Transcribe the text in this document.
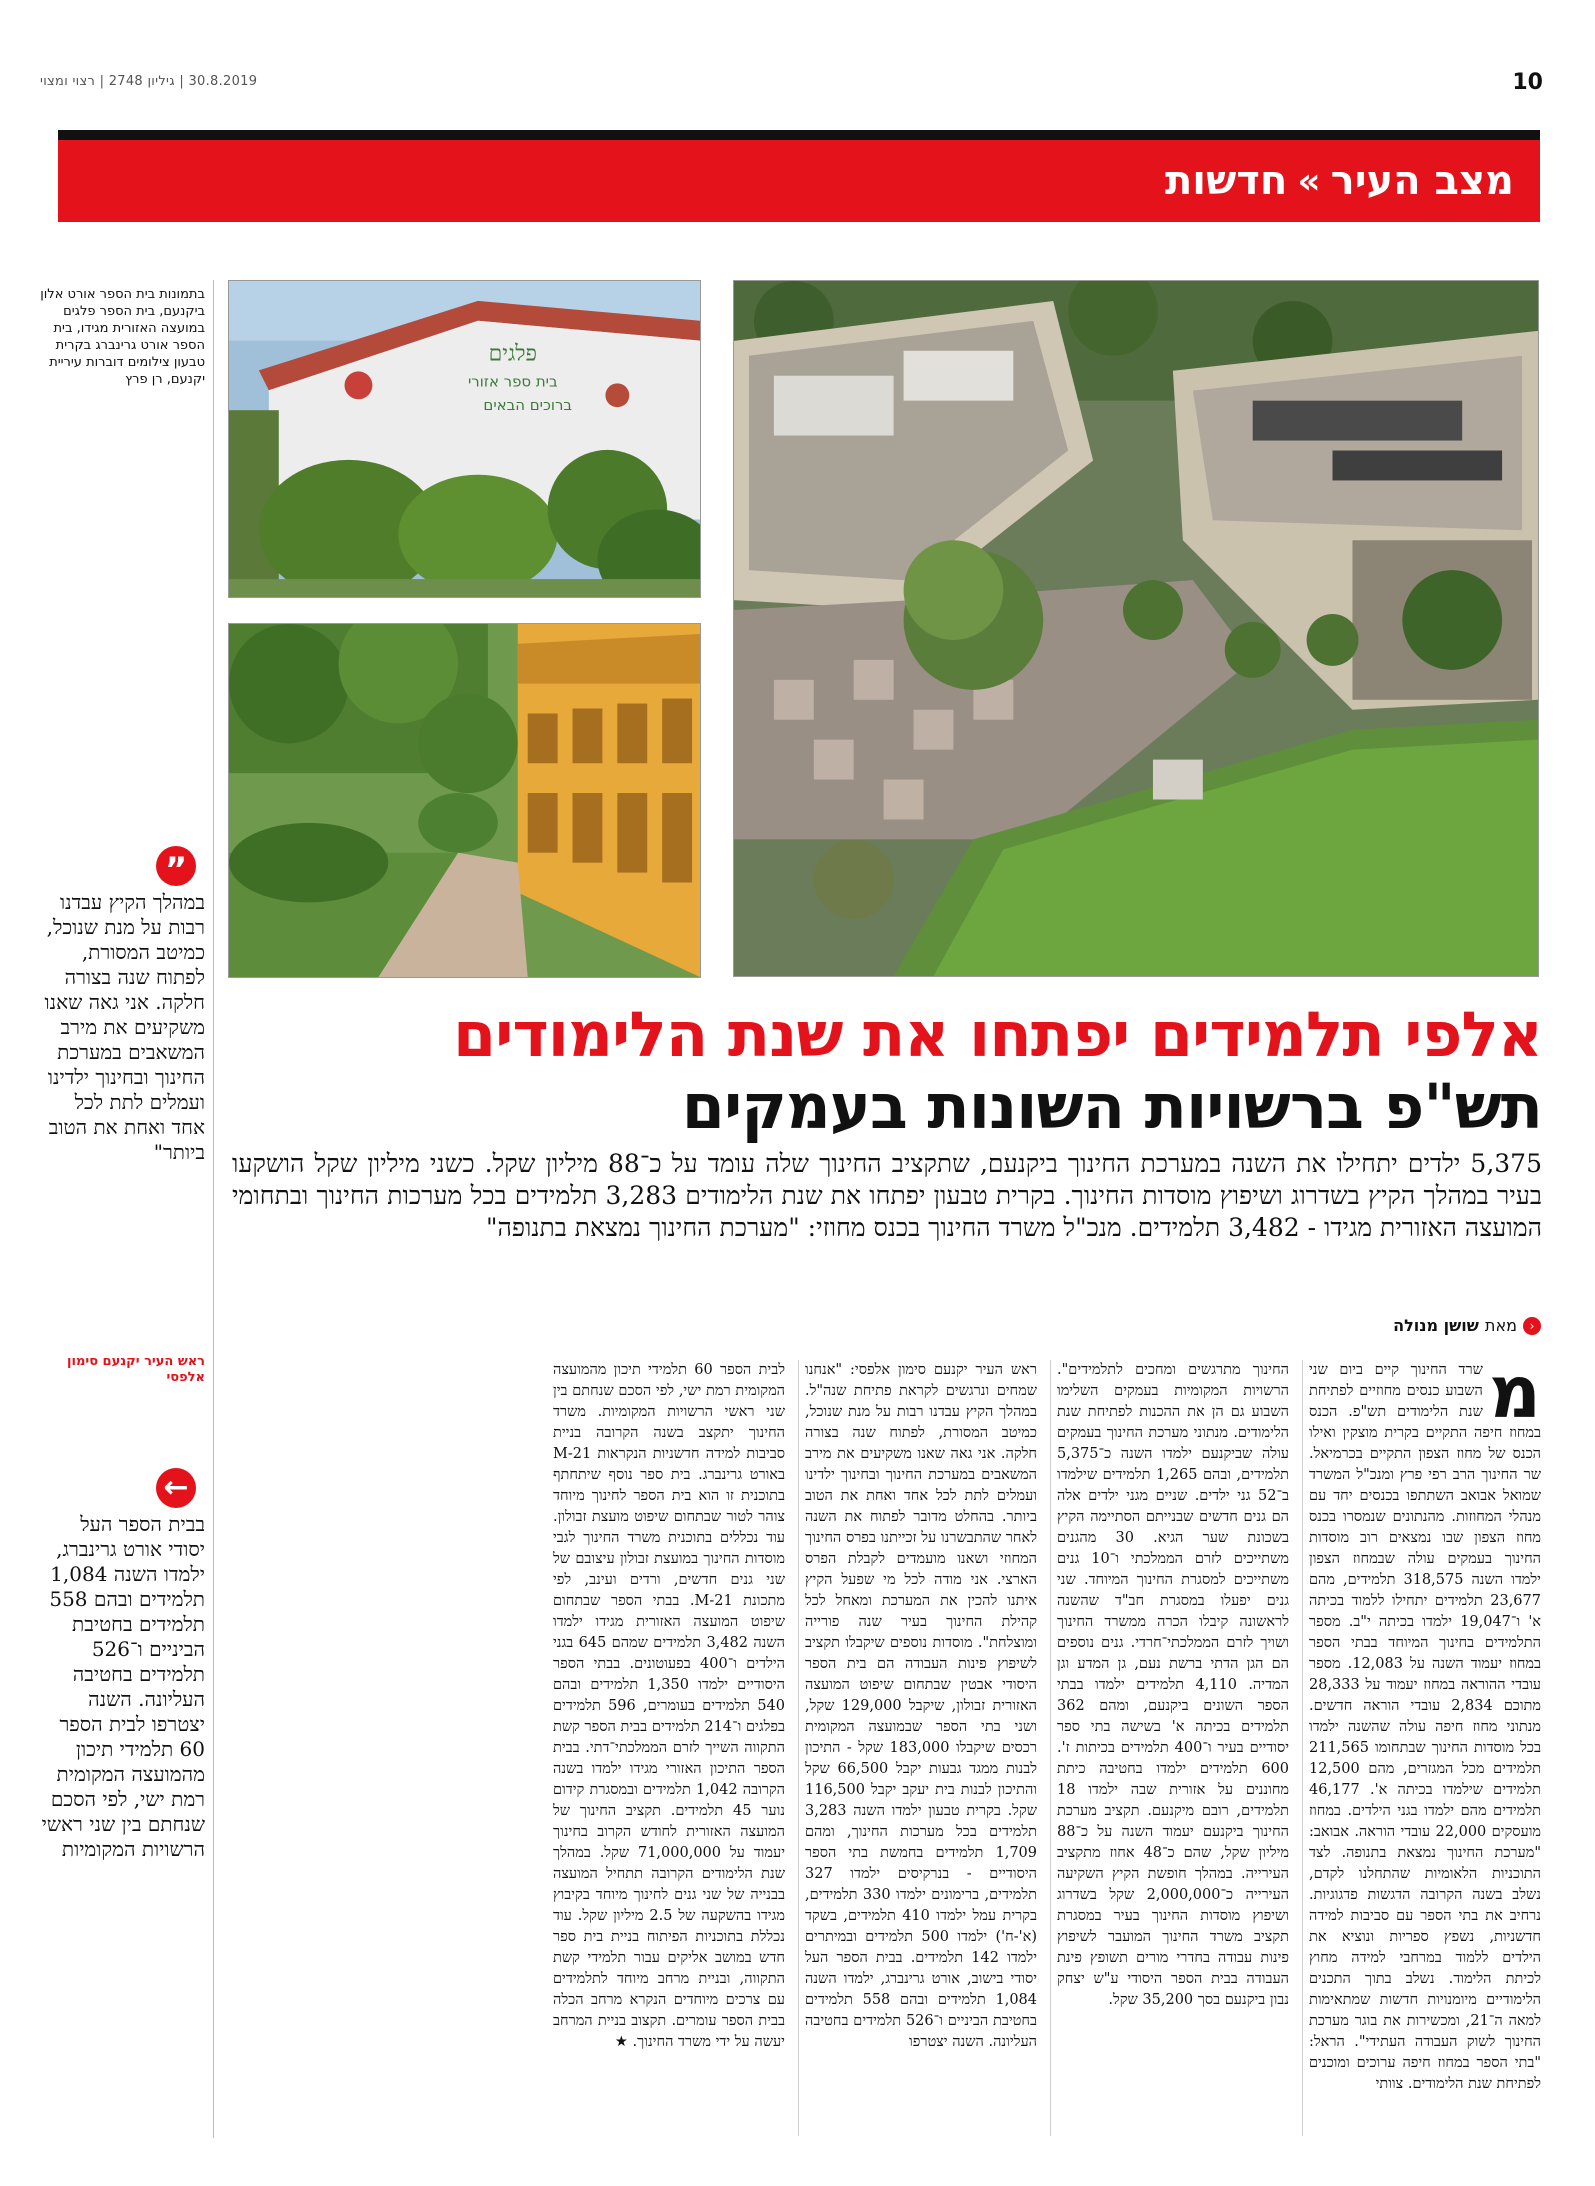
30.8.2019 | גיליון 2748 | רצוי ומצוי	10
מצב העיר
»
חדשות
פלגים
בית ספר אזורי
ברוכים הבאים
בתמונות בית הספר אורט אלון ביקנעם, בית הספר פלגים במועצה האזורית מגידו, בית הספר אורט גרינברג בקרית טבעון צילומים דוברות עיריית יקנעם, רן פרץ
”
במהלך הקיץ עבדנו רבות על מנת שנוכל, כמיטב המסורת, לפתוח שנה בצורה חלקה. אני גאה שאנו משקיעים את מירב המשאבים במערכת החינוך ובחינוך ילדינו ועמלים לתת לכל אחד ואחת את הטוב ביותר"
ראש העיר יקנעם סימון אלפסי
←
בבית הספר העל יסודי אורט גרינברג, ילמדו השנה 1,084 תלמידים ובהם 558 תלמידים בחטיבת הביניים ו־526 תלמידים בחטיבה העליונה. השנה יצטרפו לבית הספר 60 תלמידי תיכון מהמועצה המקומית רמת ישי, לפי הסכם שנחתם בין שני ראשי הרשויות המקומיות
אלפי תלמידים יפתחו את שנת הלימודים
תש"פ ברשויות השונות בעמקים
5,375 ילדים יתחילו את השנה במערכת החינוך ביקנעם, שתקציב החינוך שלה עומד על כ־88 מיליון שקל. כשני מיליון שקל הושקעו בעיר במהלך הקיץ בשדרוג ושיפוץ מוסדות החינוך. בקרית טבעון יפתחו את שנת הלימודים 3,283 תלמידים בכל מערכות החינוך ובתחומי המועצה האזורית מגידו - 3,482 תלמידים. מנכ"ל משרד החינוך בכנס מחוזי: "מערכת החינוך נמצאת בתנופה"
‹
מאת
שושן מנולה
מ
שרד החינוך קיים ביום שני השבוע כנסים מחוזיים לפתיחת שנת הלימודים תש"פ. הכנס במחוז חיפה התקיים בקרית מוצקין ואילו הכנס של מחוז הצפון התקיים בכרמיאל. שר החינוך הרב רפי פרץ ומנכ"ל המשרד שמואל אבואב השתתפו בכנסים יחד עם מנהלי המחוזות. מהנתונים שנמסרו בכנס מחוז הצפון שבו נמצאים רוב מוסדות החינוך בעמקים עולה שבמחוז הצפון ילמדו השנה 318,575 תלמידים, מהם 23,677 תלמידים יתחילו ללמוד בכיתה א' ו־19,047 ילמדו בכיתה י"ב. מספר התלמידים בחינוך המיוחד בבתי הספר במחוז יעמוד השנה על 12,083. מספר עובדי ההוראה במחוז יעמוד על 28,333 מתוכם 2,834 עובדי הוראה חדשים. מנתוני מחוז חיפה עולה שהשנה ילמדו בכל מוסדות החינוך שבתחומו 211,565 תלמידים מכל המגזרים, מהם 12,500 תלמידים שילמדו בכיתה א'. 46,177 תלמידים מהם ילמדו בגני הילדים. במחוז מועסקים 22,000 עובדי הוראה. אבואב: "מערכת החינוך נמצאת בתנופה. לצד התוכניות הלאומיות שהתחלנו לקדם, נשלב בשנה הקרובה הדגשות פדגוגיות. נרחיב את בתי הספר עם סביבות למידה חדשניות, נשפץ ספריות ונוציא את הילדים ללמוד במרחבי למידה מחוץ לכיתת הלימוד. נשלב בתוך התכנים הלימודיים מיומנויות חדשות שמתאימות למאה ה־21, ומכשירות את בוגר מערכת החינוך לשוק העבודה העתידי". הראל: "בתי הספר במחוז חיפה ערוכים ומוכנים לפתיחת שנת הלימודים. צוותי
החינוך מתרגשים ומחכים לתלמידים". הרשויות המקומיות בעמקים השלימו השבוע גם הן את ההכנות לפתיחת שנת הלימודים. מנתוני מערכת החינוך בעמקים עולה שביקנעם ילמדו השנה כ־5,375 תלמידים, ובהם 1,265 תלמידים שילמדו ב־52 גני ילדים. שניים מגני ילדים אלה הם גנים חדשים שבנייתם הסתיימה הקיץ בשכונת שער הגיא. 30 מהגנים משתייכים לזרם הממלכתי ו־10 גנים משתייכים למסגרת החינוך המיוחד. שני גנים יפעלו במסגרת חב"ד שהשנה לראשונה קיבלו הכרה ממשרד החינוך ושויך לזרם הממלכתי־חרדי. גנים נוספים הם הגן הדתי ברשת נעם, גן המדע וגן המדיה. 4,110 תלמידים ילמדו בבתי הספר השונים ביקנעם, ומהם 362 תלמידים בכיתה א' בשישה בתי ספר יסודיים בעיר ו־400 תלמידים בכיתות ז'. 600 תלמידים ילמדו בחטיבה כיתת מחוננים על אזורית שבה ילמדו 18 תלמידים, רובם מיקנעם. תקציב מערכת החינוך ביקנעם יעמוד השנה על כ־88 מיליון שקל, שהם כ־48 אחוז מתקציב העירייה. במהלך חופשת הקיץ השקיעה העירייה כ־2,000,000 שקל בשדרוג ושיפוץ מוסדות החינוך בעיר במסגרת תקציב משרד החינוך המועבר לשיפוץ פינות עבודה בחדרי מורים תשופץ פינת העבודה בבית הספר היסודי ע"ש יצחק נבון ביקנעם בסך 35,200 שקל.
ראש העיר יקנעם סימון אלפסי: "אנחנו שמחים ונרגשים לקראת פתיחת שנה"ל. במהלך הקיץ עבדנו רבות על מנת שנוכל, כמיטב המסורת, לפתוח שנה בצורה חלקה. אני גאה שאנו משקיעים את מירב המשאבים במערכת החינוך ובחינוך ילדינו ועמלים לתת לכל אחד ואחת את הטוב ביותר. בהחלט מדובר לפתוח את השנה לאחר שהתבשרנו על זכייתנו בפרס החינוך המחוזי ושאנו מועמדים לקבלת הפרס הארצי. אני מודה לכל מי שפעל הקיץ איתנו להכין את המערכת ומאחל לכל קהילת החינוך בעיר שנה פורייה ומוצלחת". מוסדות נוספים שיקבלו תקציב לשיפוץ פינות העבודה הם בית הספר היסודי אבטין שבתחום שיפוט המועצה האזורית זבולון, שיקבל 129,000 שקל, ושני בתי הספר שבמועצה המקומית רכסים שיקבלו 183,000 שקל - התיכון לבנות ממגד גבעות יקבל 66,500 שקל והתיכון לבנות בית יעקב יקבל 116,500 שקל. בקרית טבעון ילמדו השנה 3,283 תלמידים בכל מערכות החינוך, ומהם 1,709 תלמידים בחמשת בתי הספר היסודיים - בנרקיסים ילמדו 327 תלמידים, ברימונים ילמדו 330 תלמידים, בקרית עמל ילמדו 410 תלמידים, בשקד (א'-ח') ילמדו 500 תלמידים ובמיתרים ילמדו 142 תלמידים. בבית הספר העל יסודי בישוב, אורט גרינברג, ילמדו השנה 1,084 תלמידים ובהם 558 תלמידים בחטיבת הביניים ו־526 תלמידים בחטיבה העליונה. השנה יצטרפו
לבית הספר 60 תלמידי תיכון מהמועצה המקומית רמת ישי, לפי הסכם שנחתם בין שני ראשי הרשויות המקומיות. משרד החינוך יתקצב בשנה הקרובה בניית סביבות למידה חדשניות הנקראות M-21 באורט גרינברג. בית ספר נוסף שיתחתף בתוכנית זו הוא בית הספר לחינוך מיוחד צוהר לטור שבתחום שיפוט מועצת זבולון. עוד נכללים בתוכנית משרד החינוך לגבי מוסדות החינוך במועצת זבולון עיצובם של שני גנים חדשים, ורדים ועינב, לפי מתכונת M-21. בבתי הספר שבתחום שיפוט המועצה האזורית מגידו ילמדו השנה 3,482 תלמידים שמהם 645 בגני הילדים ו־400 בפעוטונים. בבתי הספר היסודיים ילמדו 1,350 תלמידים ובהם 540 תלמידים בעומרים, 596 תלמידים בפלגים ו־214 תלמידים בבית הספר קשת התקווה השייך לזרם הממלכתי־דתי. בבית הספר התיכון האזורי מגידו ילמדו בשנה הקרובה 1,042 תלמידים ובמסגרת קידום נוער 45 תלמידים. תקציב החינוך של המועצה האזורית לחודש הקרוב בחינוך יעמוד על 71,000,000 שקל. במהלך שנת הלימודים הקרובה תתחיל המועצה בבנייה של שני גנים לחינוך מיוחד בקיבוץ מגידו בהשקעה של 2.5 מיליון שקל. עוד נכללת בתוכניות הפיתוח בניית בית ספר חדש במושב אליקים עבור תלמידי קשת התקווה, ובניית מרחב מיוחד לתלמידים עם צרכים מיוחדים הנקרא מרחב הכלה בבית הספר עומרים. תקצוב בניית המרחב יעשה על ידי משרד החינוך. ★
